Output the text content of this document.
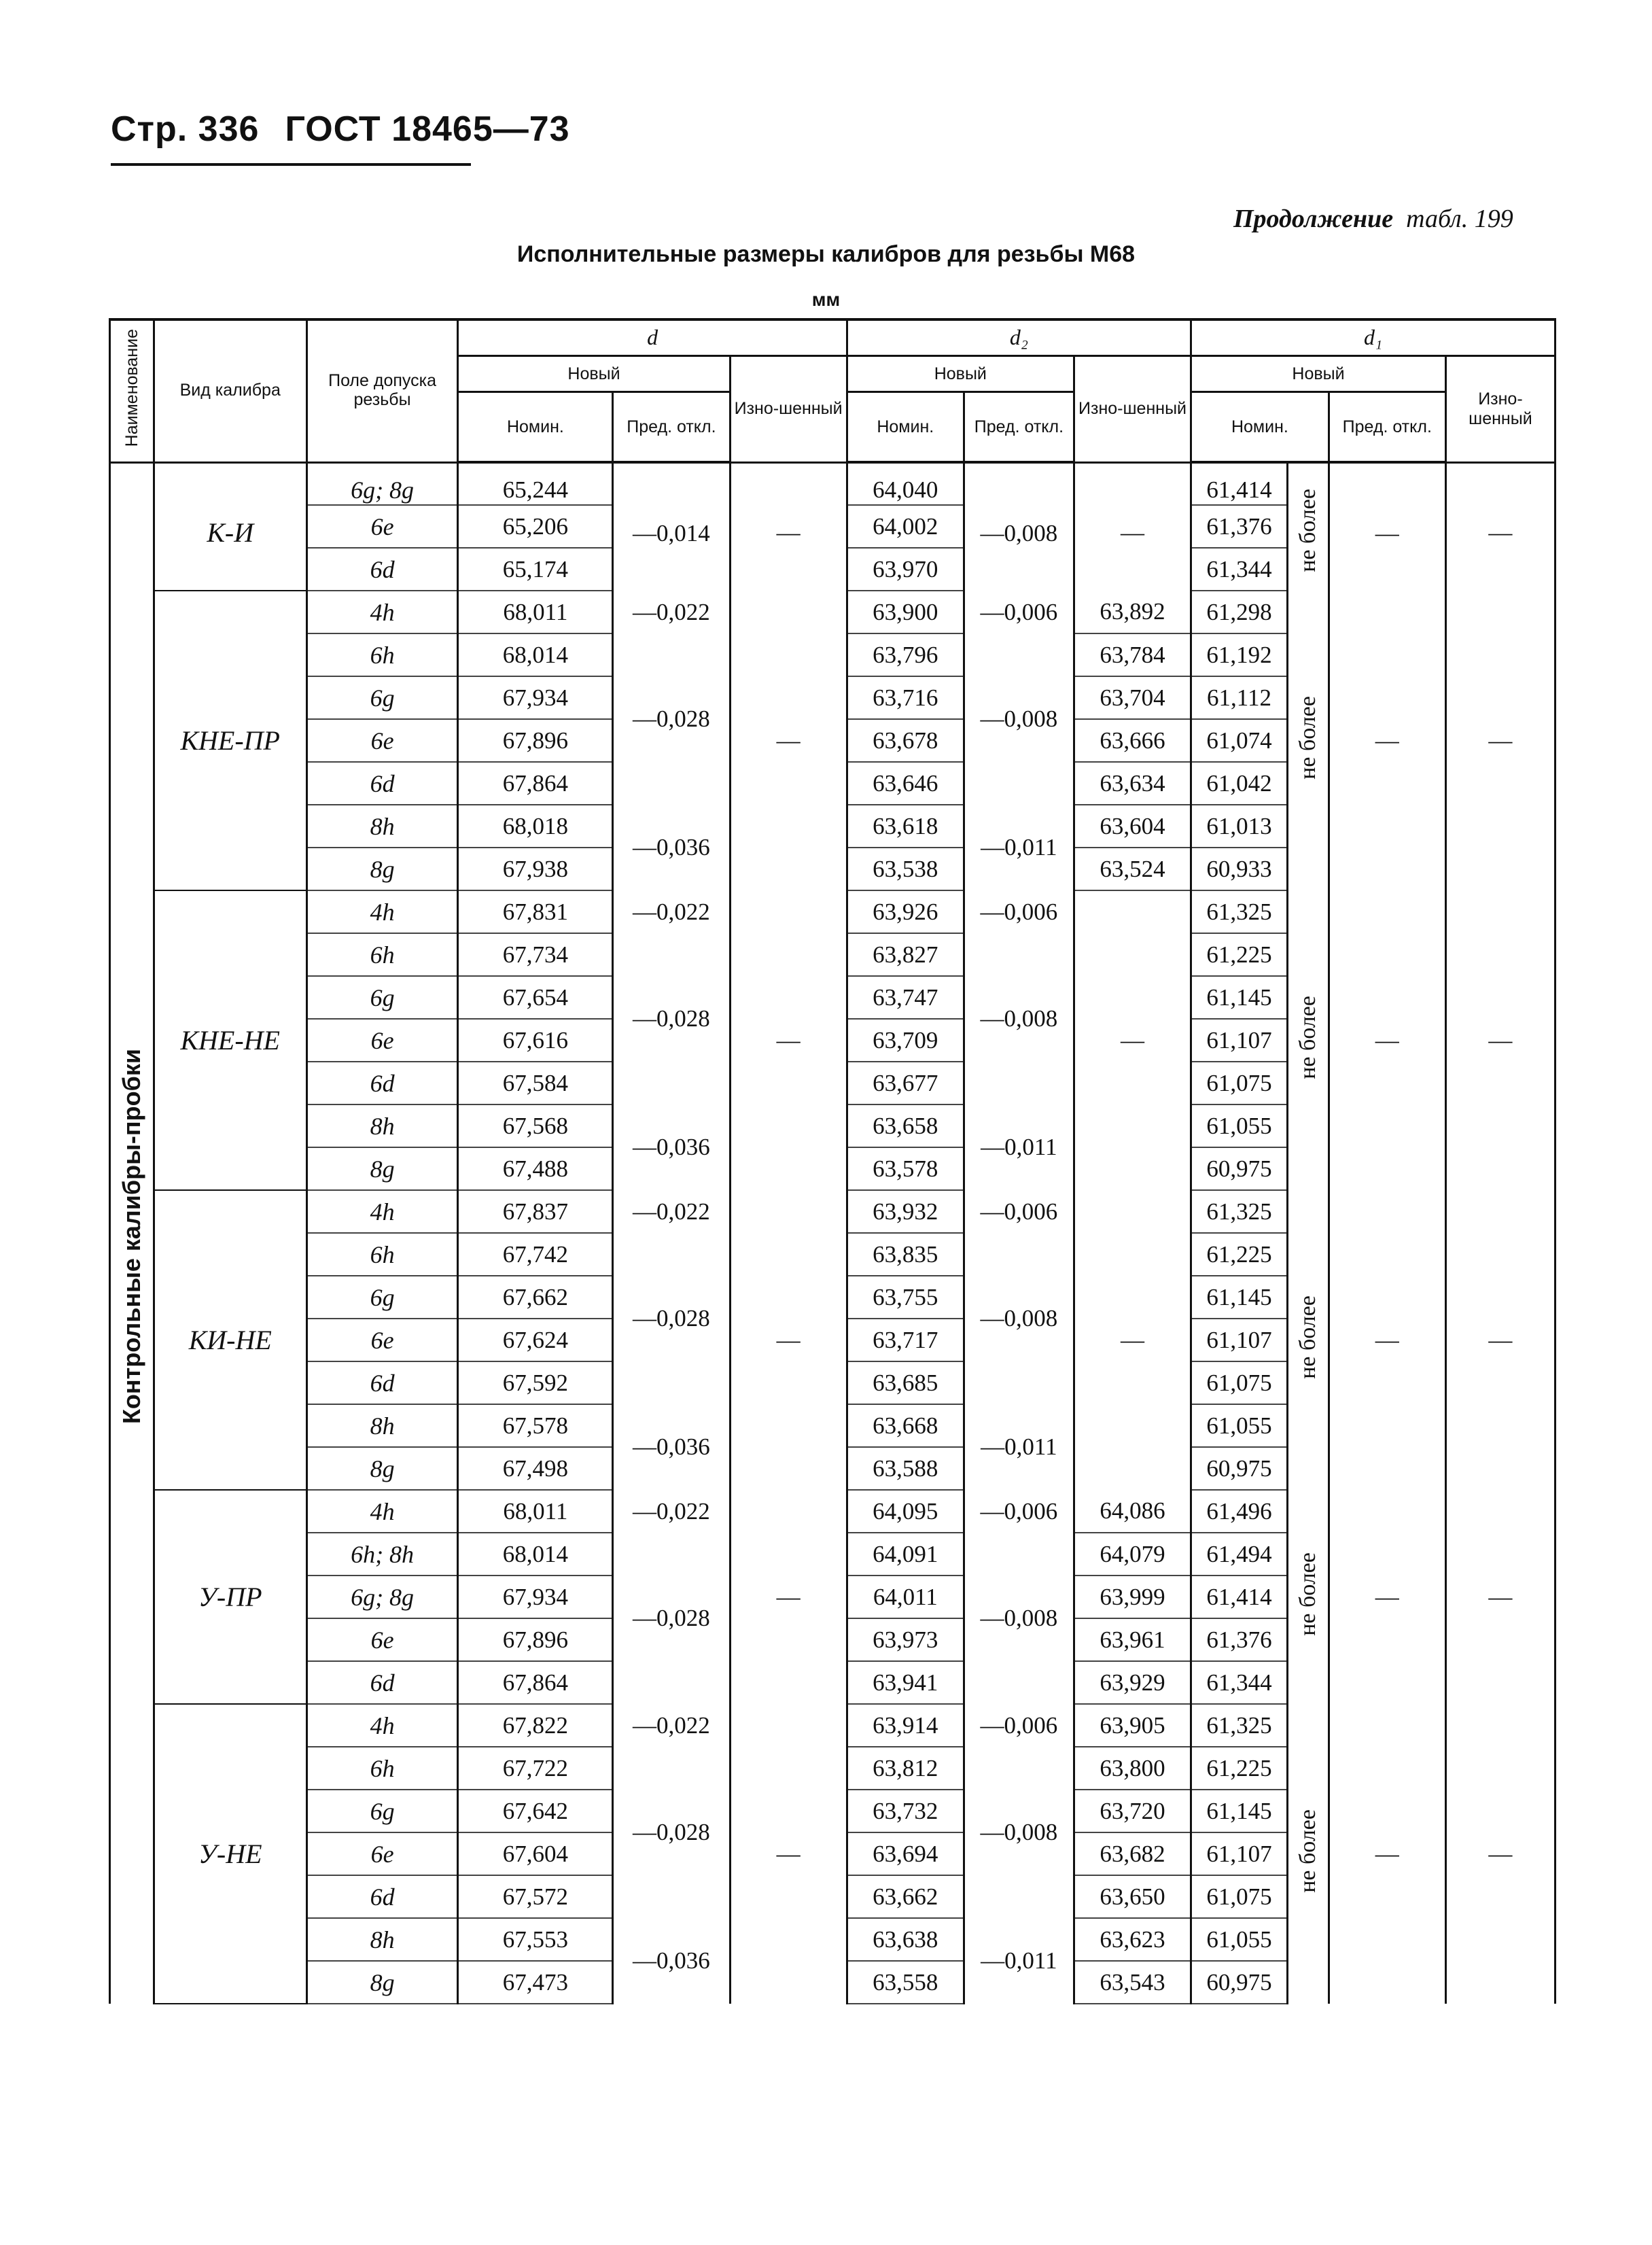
Стр. 336 ГОСТ 18465—73
Продолжение табл. 199
Исполнительные размеры калибров для резьбы М68
мм
Наименование	Вид калибра	Поле допуска резьбы	d			d₂			d₁			
			Новый		Изно-шенный	Новый		Изно-шенный	Новый			Изно-шенный
			Номин.	Пред. откл.		Номин.	Пред. откл.		Номин.		Пред. откл.	
Контрольные калибры-пробки	К-И	6g; 8g	65,244	—0,014	—	64,040	—0,008	—	61,414	не более	—	—
		6e	65,206			64,002			61,376			
		6d	65,174			63,970			61,344			
	КНЕ-ПР	4h	68,011	—0,022	—	63,900	—0,006	63,892	61,298	не более	—	—
		6h	68,014	—0,028		63,796	—0,008	63,784	61,192			
		6g	67,934			63,716		63,704	61,112			
		6e	67,896			63,678		63,666	61,074			
		6d	67,864			63,646		63,634	61,042			
		8h	68,018	—0,036		63,618	—0,011	63,604	61,013			
		8g	67,938			63,538		63,524	60,933			
	КНЕ-НЕ	4h	67,831	—0,022	—	63,926	—0,006	—	61,325	не более	—	—
		6h	67,734	—0,028		63,827	—0,008		61,225			
		6g	67,654			63,747			61,145			
		6e	67,616			63,709			61,107			
		6d	67,584			63,677			61,075			
		8h	67,568	—0,036		63,658	—0,011		61,055			
		8g	67,488			63,578			60,975			
	КИ-НЕ	4h	67,837	—0,022	—	63,932	—0,006	—	61,325	не более	—	—
		6h	67,742	—0,028		63,835	—0,008		61,225			
		6g	67,662			63,755			61,145			
		6e	67,624			63,717			61,107			
		6d	67,592			63,685			61,075			
		8h	67,578	—0,036		63,668	—0,011		61,055			
		8g	67,498			63,588			60,975			
	У-ПР	4h	68,011	—0,022	—	64,095	—0,006	64,086	61,496	не более	—	—
		6h; 8h	68,014	—0,028		64,091	—0,008	64,079	61,494			
		6g; 8g	67,934			64,011		63,999	61,414			
		6e	67,896			63,973		63,961	61,376			
		6d	67,864			63,941		63,929	61,344			
	У-НЕ	4h	67,822	—0,022	—	63,914	—0,006	63,905	61,325	не более	—	—
		6h	67,722	—0,028		63,812	—0,008	63,800	61,225			
		6g	67,642			63,732		63,720	61,145			
		6e	67,604			63,694		63,682	61,107			
		6d	67,572			63,662		63,650	61,075			
		8h	67,553	—0,036		63,638	—0,011	63,623	61,055			
		8g	67,473			63,558		63,543	60,975			
